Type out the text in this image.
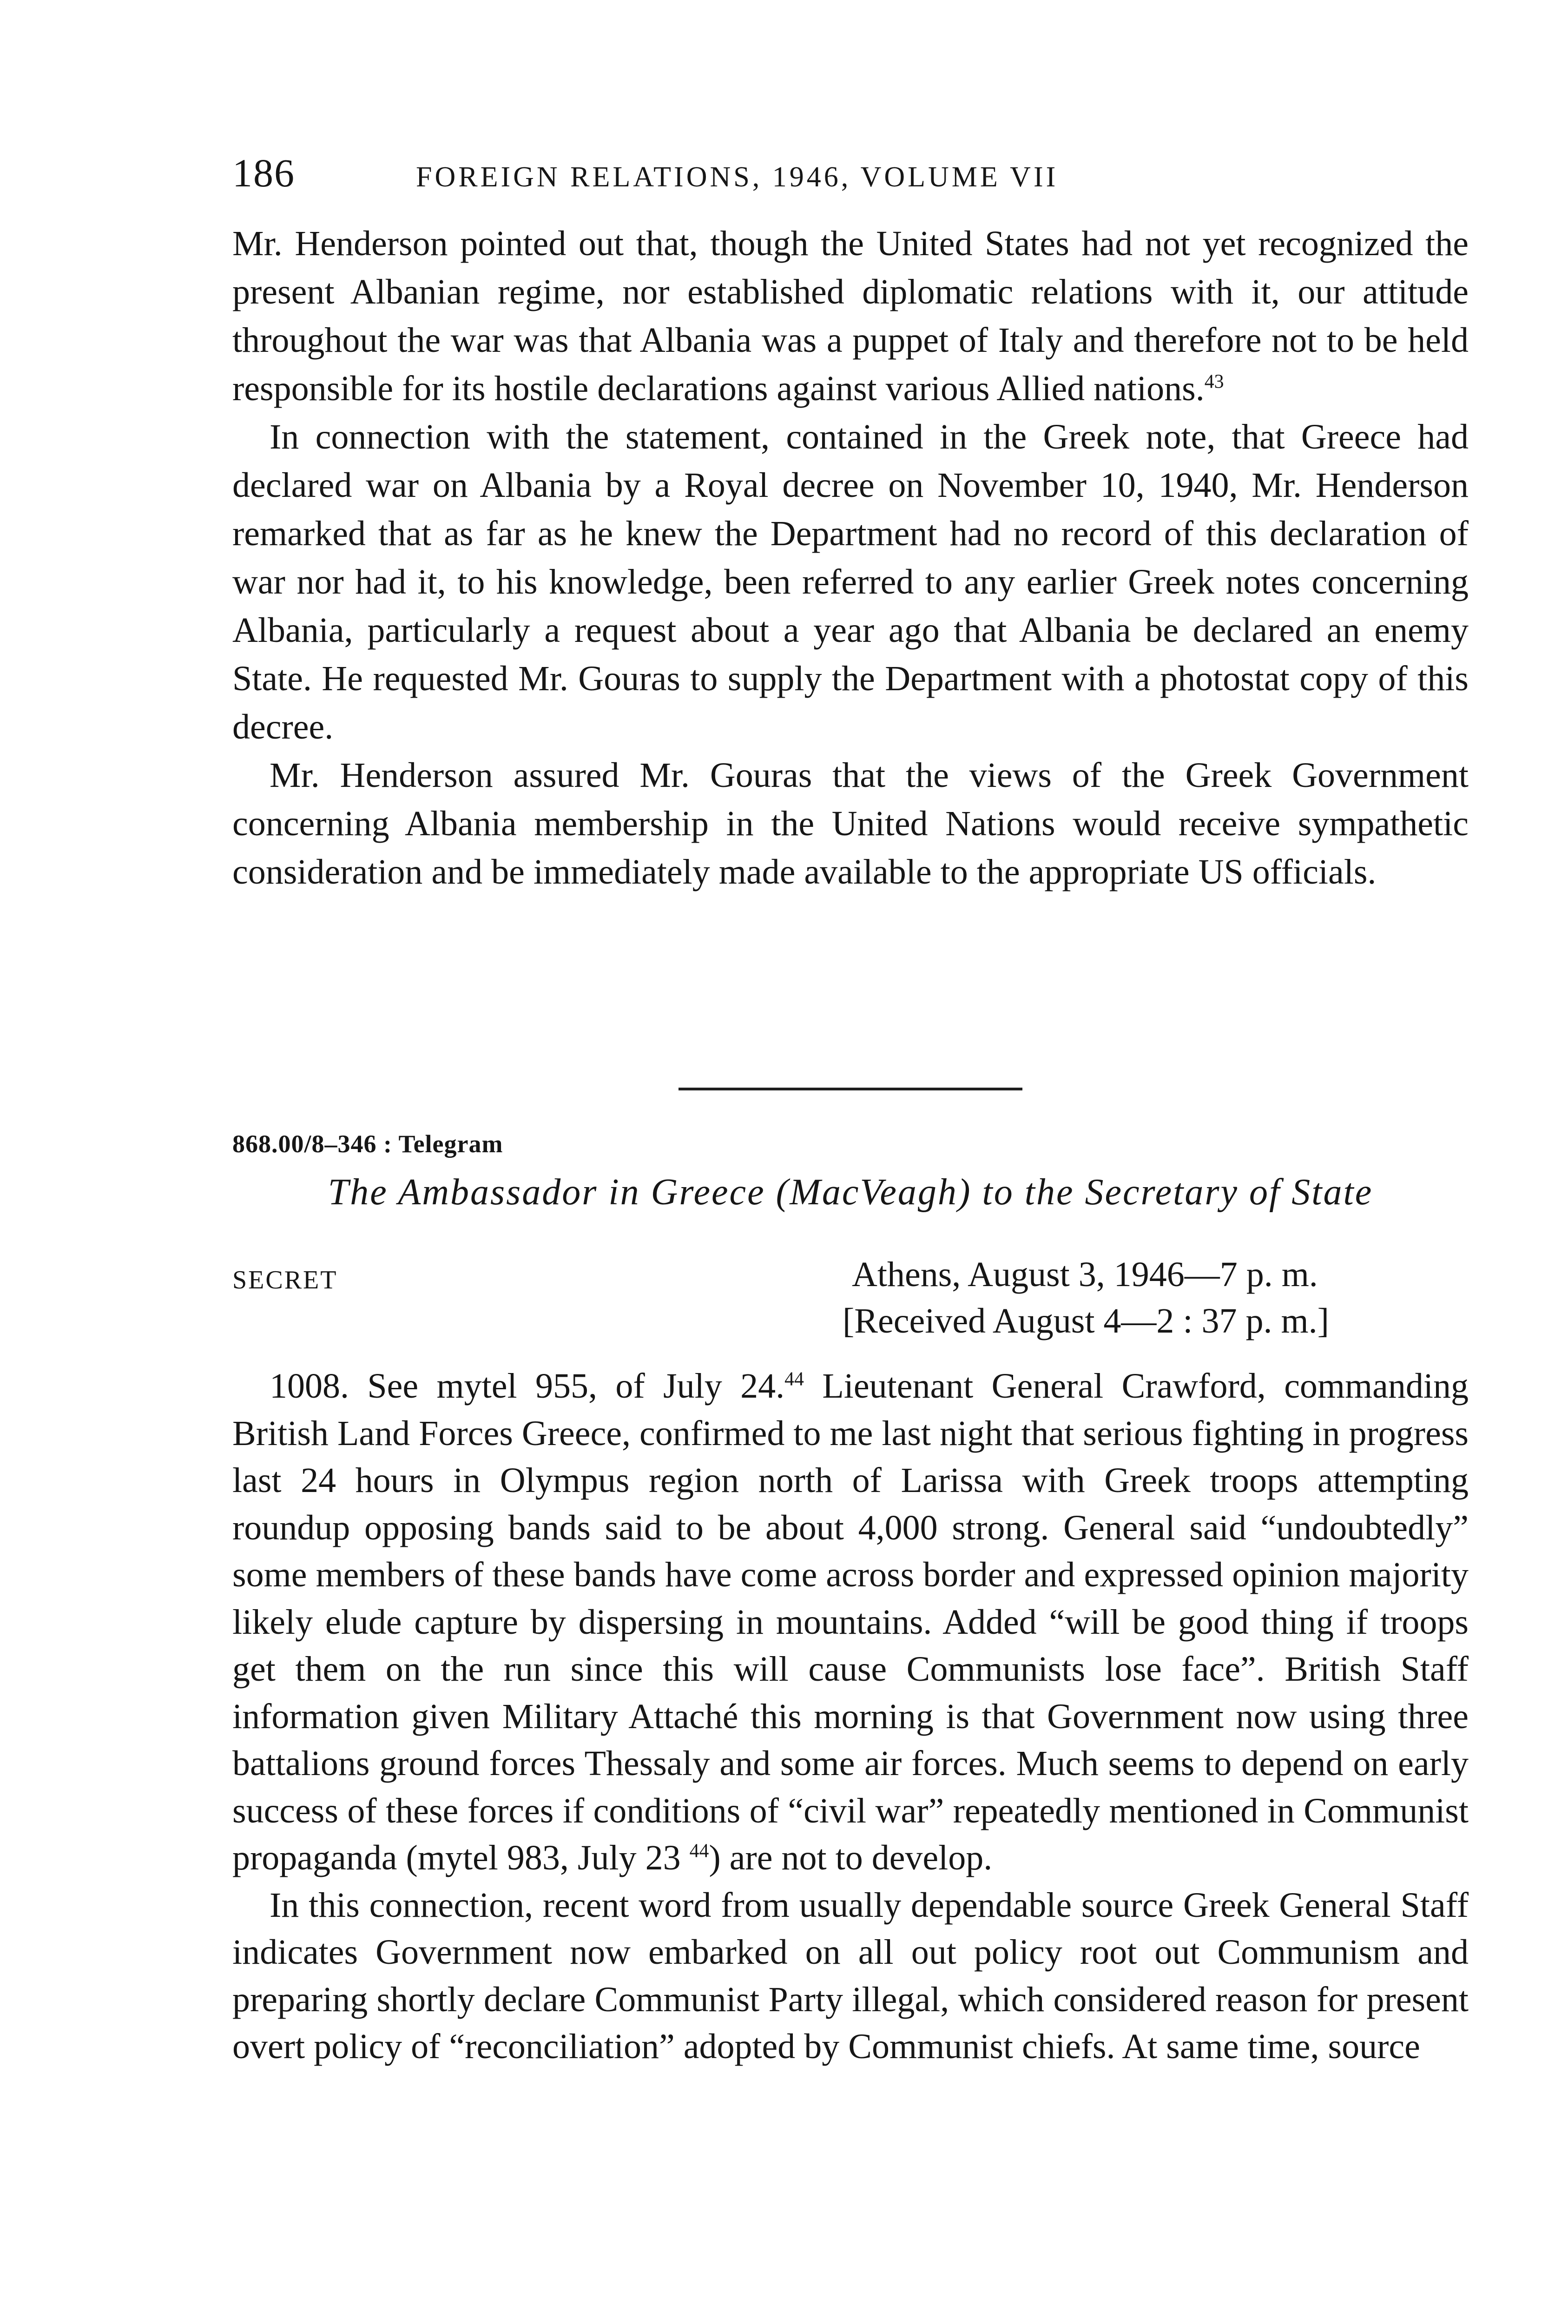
186	FOREIGN RELATIONS, 1946, VOLUME VII

Mr. Henderson pointed out that, though the United States had not yet recognized the present Albanian regime, nor established diplomatic relations with it, our attitude throughout the war was that Albania was a puppet of Italy and therefore not to be held responsible for its hostile declarations against various Allied nations.$^{43}$

In connection with the statement, contained in the Greek note, that Greece had declared war on Albania by a Royal decree on November 10, 1940, Mr. Henderson remarked that as far as he knew the Department had no record of this declaration of war nor had it, to his knowledge, been referred to any earlier Greek notes concerning Albania, particularly a request about a year ago that Albania be declared an enemy State. He requested Mr. Gouras to supply the Department with a photostat copy of this decree.

Mr. Henderson assured Mr. Gouras that the views of the Greek Government concerning Albania membership in the United Nations would receive sympathetic consideration and be immediately made available to the appropriate US officials.

868.00/8–346 : Telegram
The Ambassador in Greece (MacVeagh) to the Secretary of State
SECRET	Athens, August 3, 1946—7 p. m.
[Received August 4—2 : 37 p. m.]

1008. See mytel 955, of July 24.44 Lieutenant General Crawford, commanding British Land Forces Greece, confirmed to me last night that serious fighting in progress last 24 hours in Olympus region north of Larissa with Greek troops attempting roundup opposing bands said to be about 4,000 strong. General said “undoubtedly” some members of these bands have come across border and expressed opinion majority likely elude capture by dispersing in mountains. Added “will be good thing if troops get them on the run since this will cause Communists lose face”. British Staff information given Military Attaché this morning is that Government now using three battalions ground forces Thessaly and some air forces. Much seems to depend on early success of these forces if conditions of “civil war” repeatedly mentioned in Communist propaganda (mytel 983, July 23 $^{44}$) are not to develop.

In this connection, recent word from usually dependable source Greek General Staff indicates Government now embarked on all out policy root out Communism and preparing shortly declare Communist Party illegal, which considered reason for present overt policy of “reconciliation” adopted by Communist chiefs. At same time, source
